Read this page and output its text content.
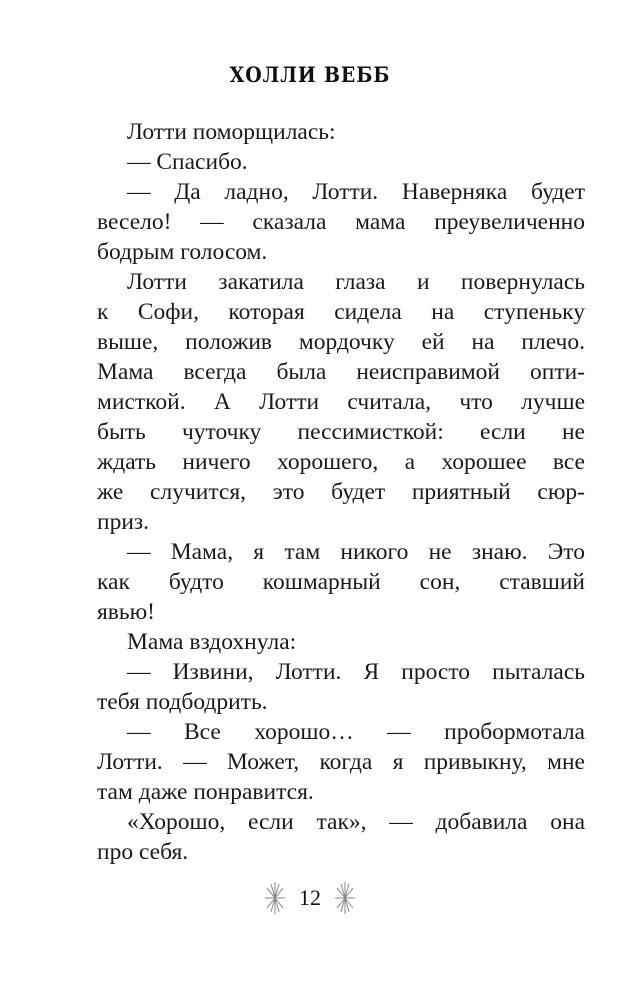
ХОЛЛИ ВЕББ
Лотти поморщилась:
— Спасибо.
— Да ладно, Лотти. Наверняка будет
весело! — сказала мама преувеличенно
бодрым голосом.
Лотти закатила глаза и повернулась
к Софи, которая сидела на ступеньку
выше, положив мордочку ей на плечо.
Мама всегда была неисправимой опти-
мисткой. А Лотти считала, что лучше
быть чуточку пессимисткой: если не
ждать ничего хорошего, а хорошее все
же случится, это будет приятный сюр-
приз.
— Мама, я там никого не знаю. Это
как будто кошмарный сон, ставший
явью!
Мама вздохнула:
— Извини, Лотти. Я просто пыталась
тебя подбодрить.
— Все хорошо… — пробормотала
Лотти. — Может, когда я привыкну, мне
там даже понравится.
«Хорошо, если так», — добавила она
про себя.
12
